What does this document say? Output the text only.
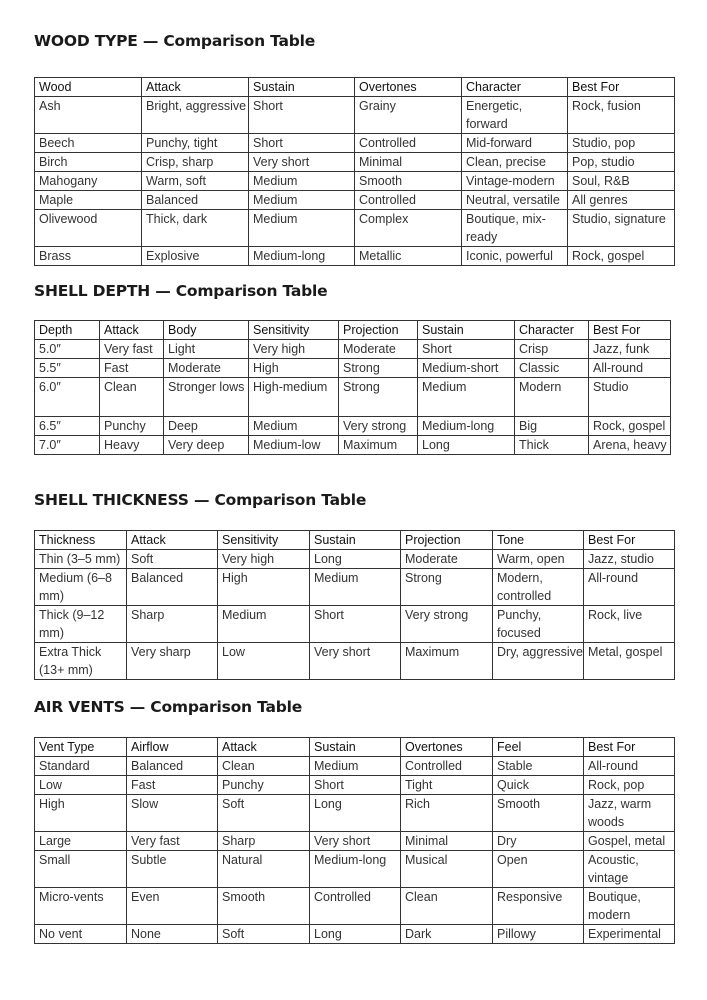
WOOD TYPE — Comparison Table
Wood	Attack	Sustain	Overtones	Character	Best For
Ash	Bright, aggressive	Short	Grainy	Energetic, forward	Rock, fusion
Beech	Punchy, tight	Short	Controlled	Mid-forward	Studio, pop
Birch	Crisp, sharp	Very short	Minimal	Clean, precise	Pop, studio
Mahogany	Warm, soft	Medium	Smooth	Vintage-modern	Soul, R&B
Maple	Balanced	Medium	Controlled	Neutral, versatile	All genres
Olivewood	Thick, dark	Medium	Complex	Boutique, mix-ready	Studio, signature
Brass	Explosive	Medium-long	Metallic	Iconic, powerful	Rock, gospel
SHELL DEPTH — Comparison Table
Depth	Attack	Body	Sensitivity	Projection	Sustain	Character	Best For
5.0″	Very fast	Light	Very high	Moderate	Short	Crisp	Jazz, funk
5.5″	Fast	Moderate	High	Strong	Medium-short	Classic	All-round
6.0″	Clean	Stronger lows	High-medium	Strong	Medium	Modern	Studio
6.5″	Punchy	Deep	Medium	Very strong	Medium-long	Big	Rock, gospel
7.0″	Heavy	Very deep	Medium-low	Maximum	Long	Thick	Arena, heavy
SHELL THICKNESS — Comparison Table
Thickness	Attack	Sensitivity	Sustain	Projection	Tone	Best For
Thin (3–5 mm)	Soft	Very high	Long	Moderate	Warm, open	Jazz, studio
Medium (6–8 mm)	Balanced	High	Medium	Strong	Modern, controlled	All-round
Thick (9–12 mm)	Sharp	Medium	Short	Very strong	Punchy, focused	Rock, live
Extra Thick (13+ mm)	Very sharp	Low	Very short	Maximum	Dry, aggressive	Metal, gospel
AIR VENTS — Comparison Table
Vent Type	Airflow	Attack	Sustain	Overtones	Feel	Best For
Standard	Balanced	Clean	Medium	Controlled	Stable	All-round
Low	Fast	Punchy	Short	Tight	Quick	Rock, pop
High	Slow	Soft	Long	Rich	Smooth	Jazz, warm woods
Large	Very fast	Sharp	Very short	Minimal	Dry	Gospel, metal
Small	Subtle	Natural	Medium-long	Musical	Open	Acoustic, vintage
Micro-vents	Even	Smooth	Controlled	Clean	Responsive	Boutique, modern
No vent	None	Soft	Long	Dark	Pillowy	Experimental
